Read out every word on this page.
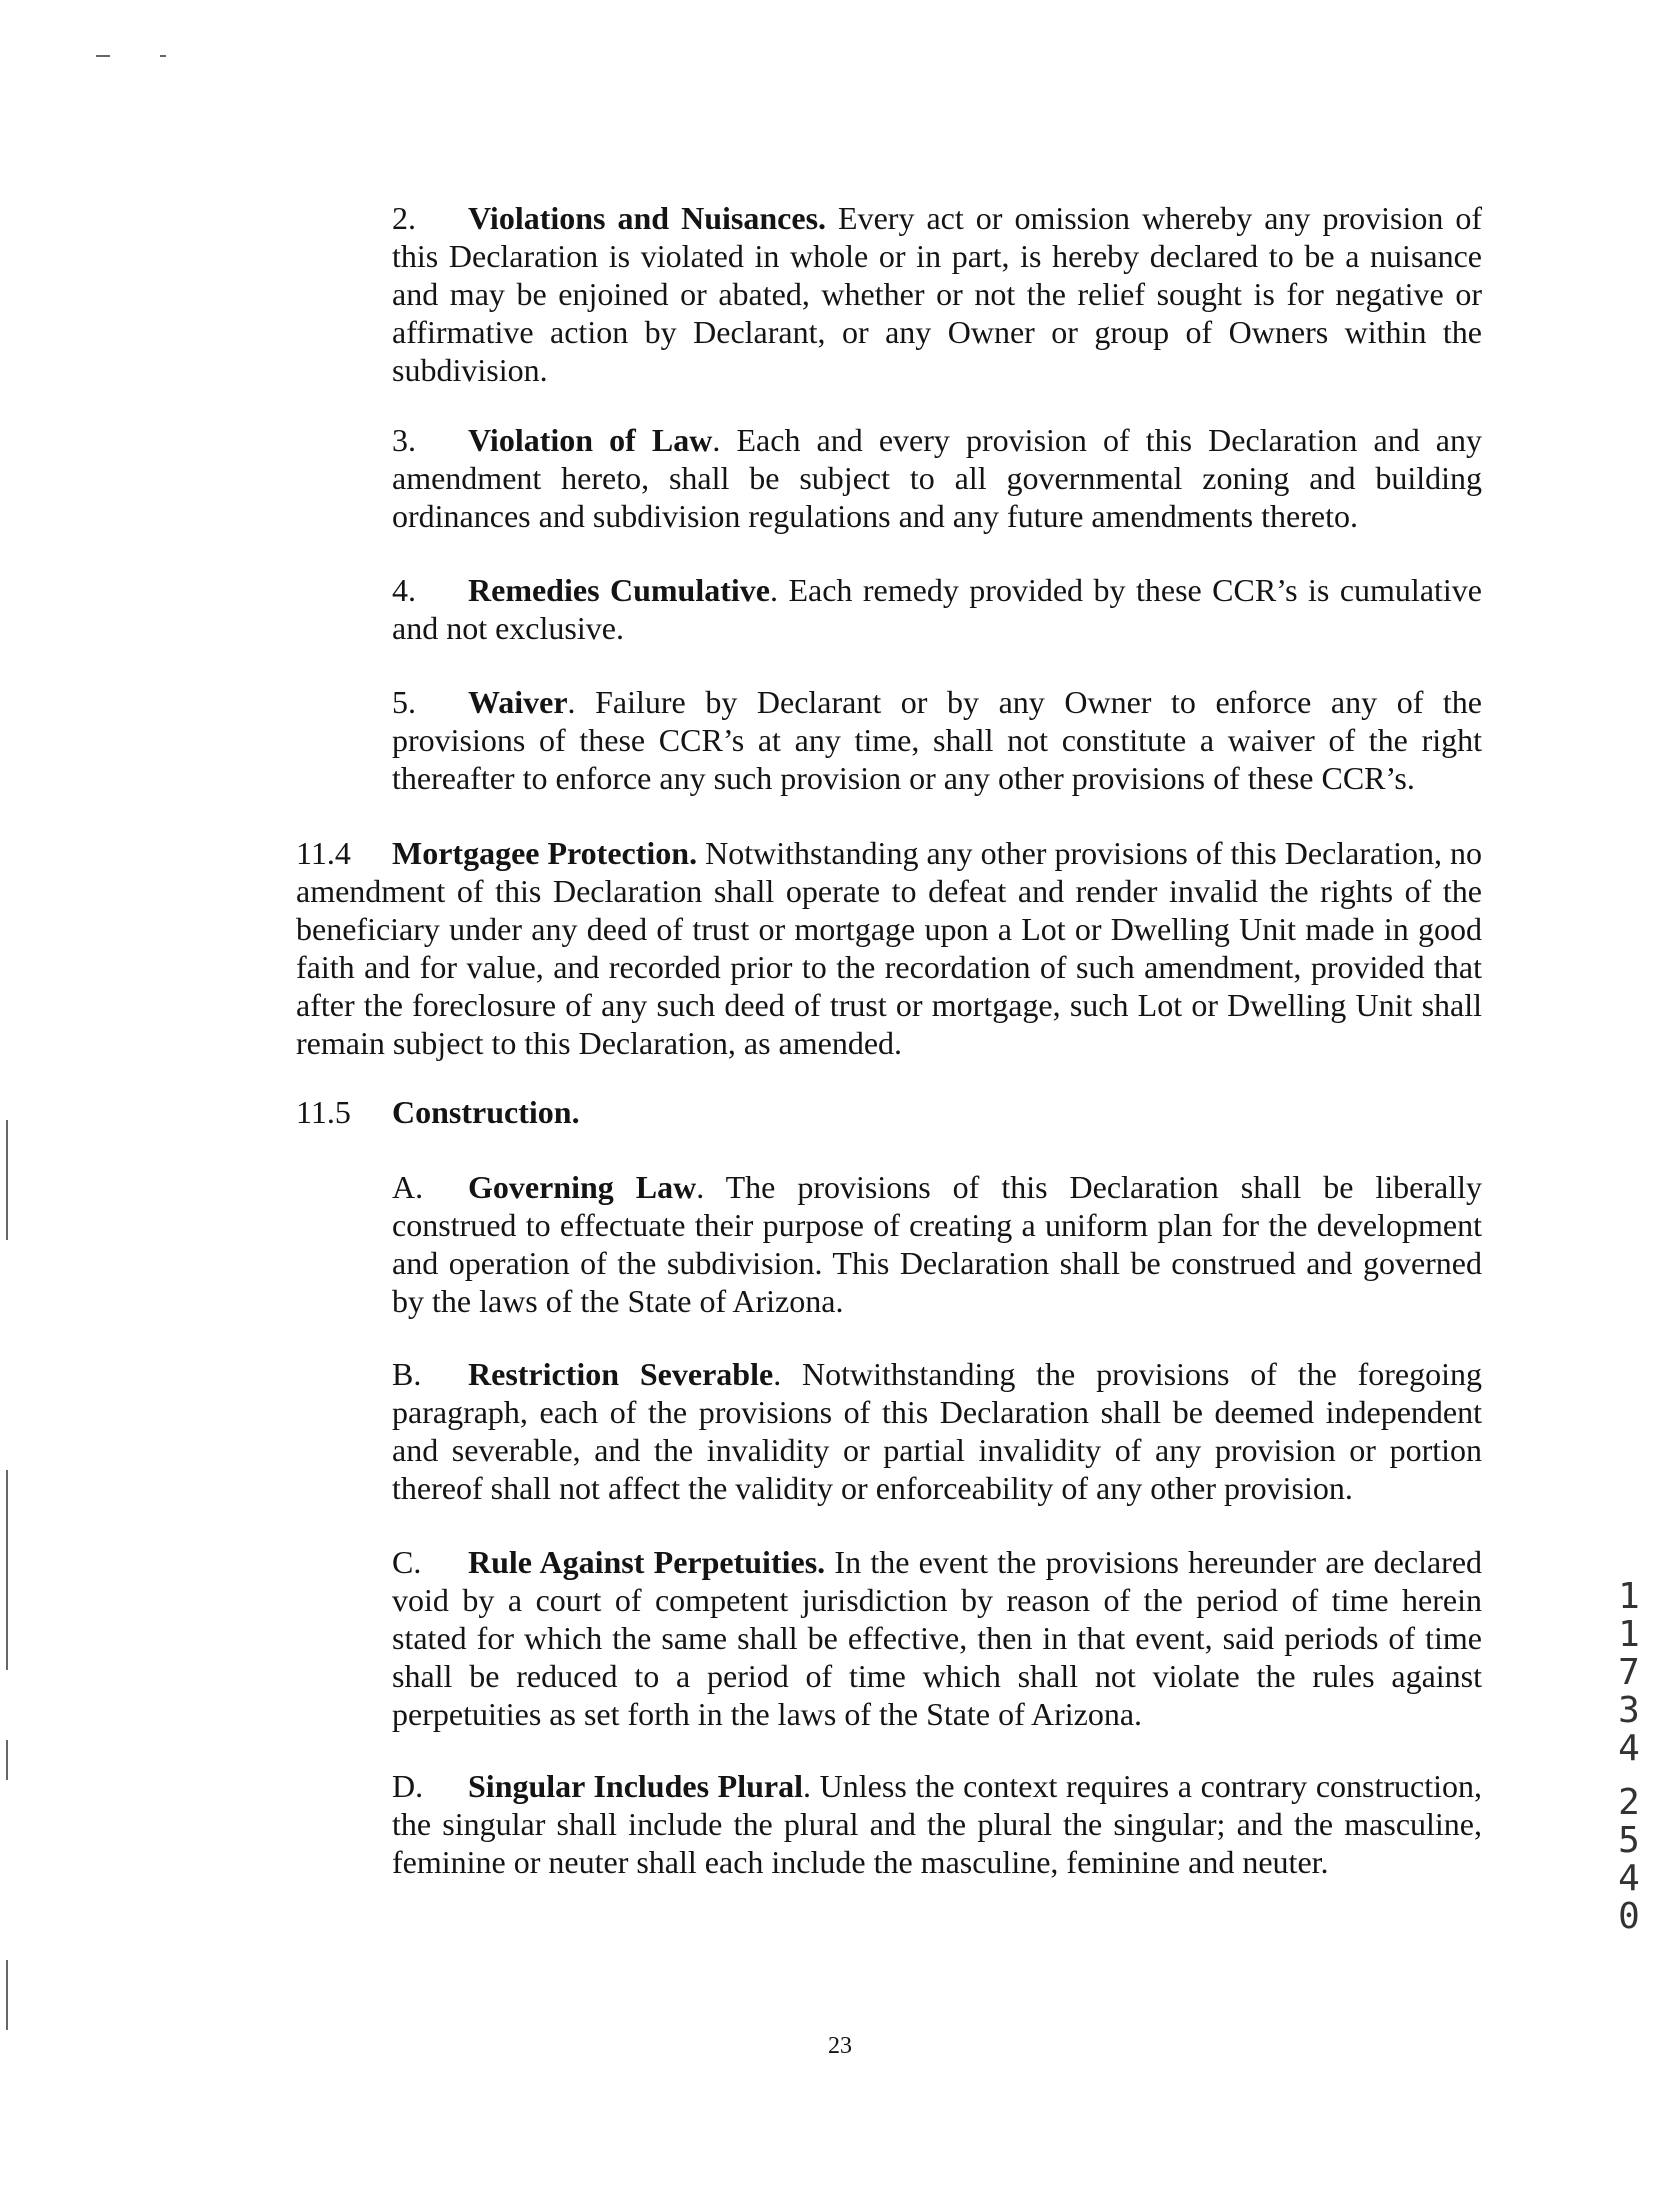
2. Violations and Nuisances. Every act or omission whereby any provision of this Declaration is violated in whole or in part, is hereby declared to be a nuisance and may be enjoined or abated, whether or not the relief sought is for negative or affirmative action by Declarant, or any Owner or group of Owners within the subdivision.

3. Violation of Law. Each and every provision of this Declaration and any amendment hereto, shall be subject to all governmental zoning and building ordinances and subdivision regulations and any future amendments thereto.

4. Remedies Cumulative. Each remedy provided by these CCR’s is cumulative and not exclusive.

5. Waiver. Failure by Declarant or by any Owner to enforce any of the provisions of these CCR’s at any time, shall not constitute a waiver of the right thereafter to enforce any such provision or any other provisions of these CCR’s.

11.4 Mortgagee Protection. Notwithstanding any other provisions of this Declaration, no amendment of this Declaration shall operate to defeat and render invalid the rights of the beneficiary under any deed of trust or mortgage upon a Lot or Dwelling Unit made in good faith and for value, and recorded prior to the recordation of such amendment, provided that after the foreclosure of any such deed of trust or mortgage, such Lot or Dwelling Unit shall remain subject to this Declaration, as amended.

11.5 Construction.

A. Governing Law. The provisions of this Declaration shall be liberally construed to effectuate their purpose of creating a uniform plan for the development and operation of the subdivision. This Declaration shall be construed and governed by the laws of the State of Arizona.

B. Restriction Severable. Notwithstanding the provisions of the foregoing paragraph, each of the provisions of this Declaration shall be deemed independent and severable, and the invalidity or partial invalidity of any provision or portion thereof shall not affect the validity or enforceability of any other provision.

C. Rule Against Perpetuities. In the event the provisions hereunder are declared void by a court of competent jurisdiction by reason of the period of time herein stated for which the same shall be effective, then in that event, said periods of time shall be reduced to a period of time which shall not violate the rules against perpetuities as set forth in the laws of the State of Arizona.

D. Singular Includes Plural. Unless the context requires a contrary construction, the singular shall include the plural and the plural the singular; and the masculine, feminine or neuter shall each include the masculine, feminine and neuter.

23
1
1
7
3
4
2
5
4
0
